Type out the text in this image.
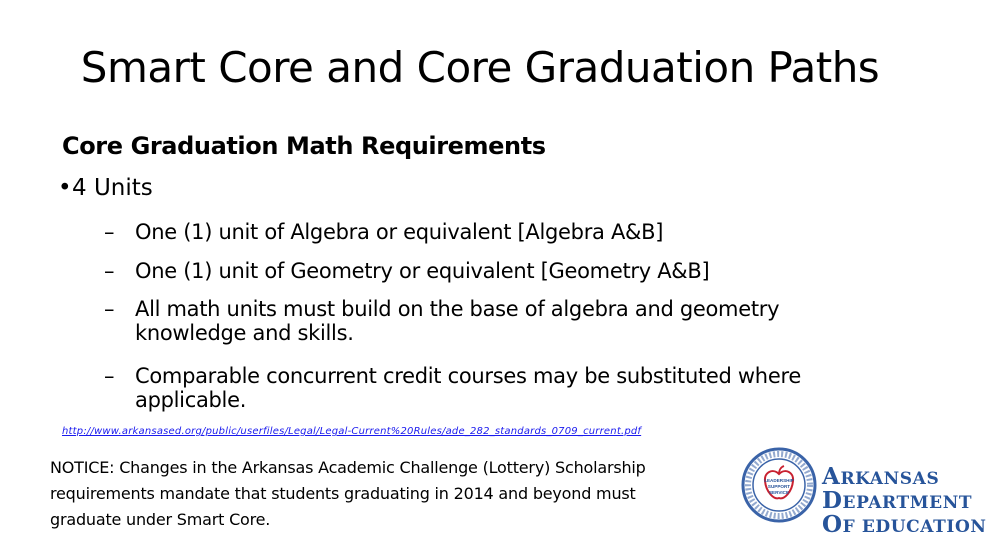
Smart Core and Core Graduation Paths
Core Graduation Math Requirements
•4 Units
– One (1) unit of Algebra or equivalent [Algebra A&B]
– One (1) unit of Geometry or equivalent [Geometry A&B]
– All math units must build on the base of algebra and geometry knowledge and skills.
– Comparable concurrent credit courses may be substituted where applicable.
http://www.arkansased.org/public/userfiles/Legal/Legal-Current%20Rules/ade_282_standards_0709_current.pdf
NOTICE: Changes in the Arkansas Academic Challenge (Lottery) Scholarship requirements mandate that students graduating in 2014 and beyond must graduate under Smart Core.
LEADERSHIP
SUPPORT
SERVICE
ARKANSAS
DEPARTMENT
OF EDUCATION
